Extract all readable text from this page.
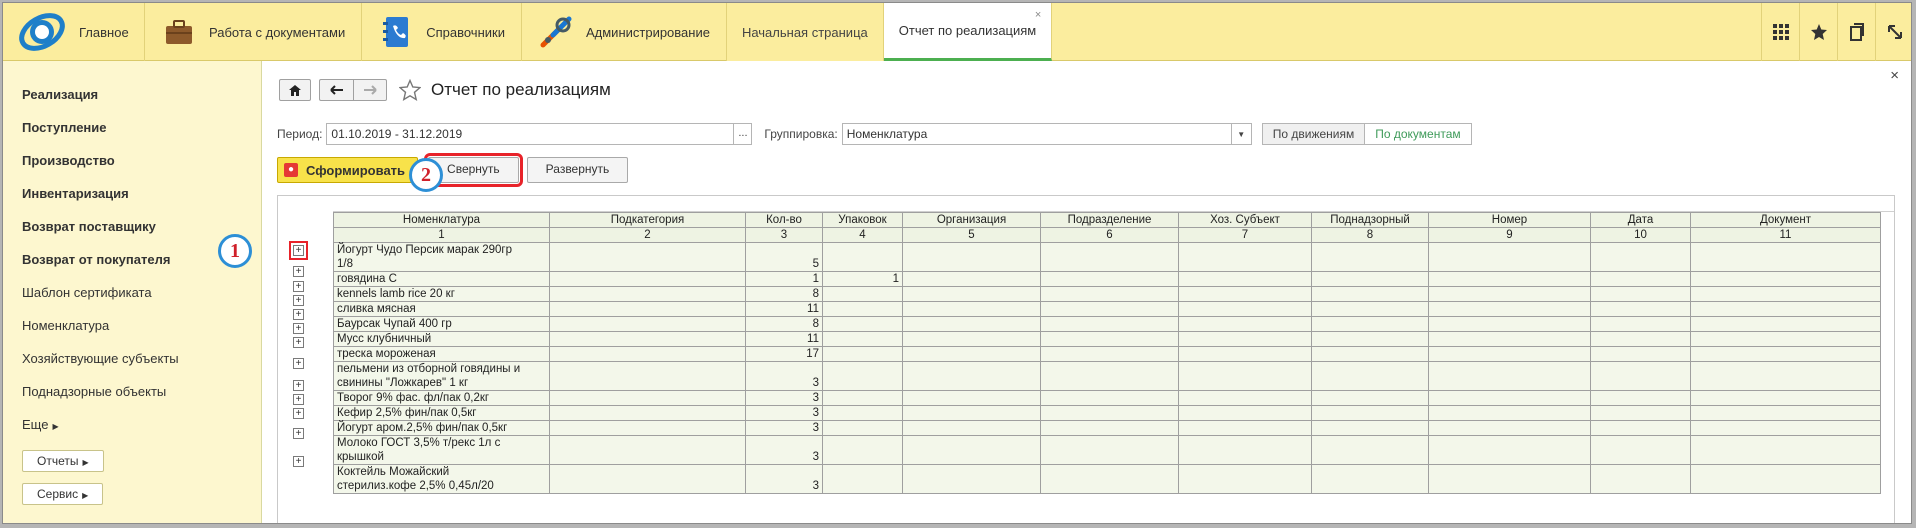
Главное	Работа с документами	Справочники	Администрирование Начальная страница Отчет по реализациям
×
Реализация
Поступление
Производство
Инвентаризация
Возврат поставщику
Возврат от покупателя
Шаблон сертификата
Номенклатура
Хозяйствующие субъекты
Поднадзорные объекты
Еще ▶
Отчеты ▶
Сервис ▶
Отчет по реализациям
×
Период:
01.10.2019 - 31.12.2019	...	Группировка:
Номенклатура	▼	По движениям	По документам
● Сформировать	Свернуть	Развернуть
+
+
+
+
+
+
+
+
+
+
+
+
+
Номенклатура	Подкатегория	Кол-во	Упаковок	Организация	Подразделение	Хоз. Субъект	Поднадзорный	Номер	Дата	Документ
1	2	3	4	5	6	7	8	9	10	11

Йогурт Чудо Персик марак 290гр
1/8		5								

говядина С		1	1							

kennels lamb rice 20 кг		8								

сливка мясная		11								

Баурсак Чупай 400 гр		8								

Мусс клубничный		11								

треска мороженая		17								

пельмени из отборной говядины и
свинины "Ложкарев" 1 кг		3								

Творог 9% фас. фл/пак 0,2кг		3								

Кефир 2,5% фин/пак 0,5кг		3								

Йогурт аром.2,5% фин/пак 0,5кг		3								

Молоко ГОСТ 3,5% т/рекс 1л с
крышкой		3								

Коктейль Можайский
стерилиз.кофе 2,5% 0,45л/20		3								
1
2
